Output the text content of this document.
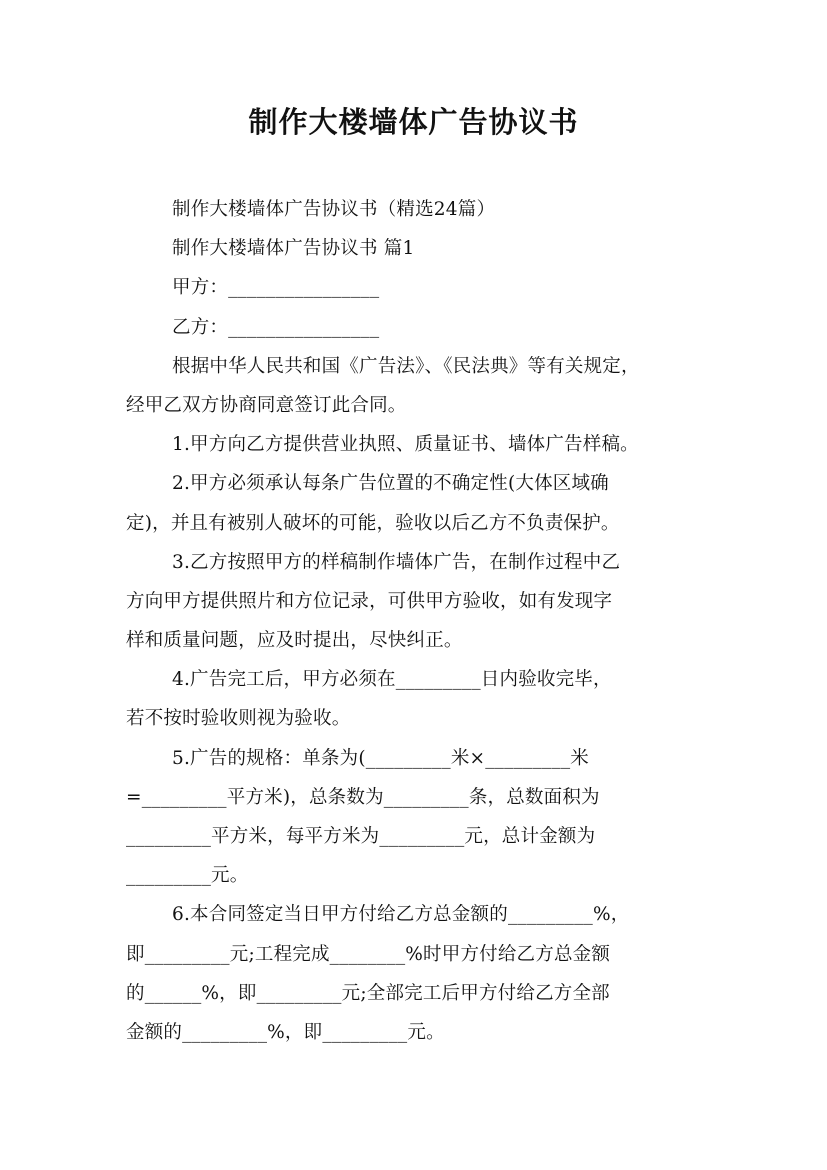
制作大楼墙体广告协议书
制作大楼墙体广告协议书（精选24篇）
制作大楼墙体广告协议书 篇1
甲方：________________
乙方：________________
根据中华人民共和国《广告法》、《民法典》等有关规定，
经甲乙双方协商同意签订此合同。
1.甲方向乙方提供营业执照、质量证书、墙体广告样稿。
2.甲方必须承认每条广告位置的不确定性(大体区域确
定)，并且有被别人破坏的可能，验收以后乙方不负责保护。
3.乙方按照甲方的样稿制作墙体广告，在制作过程中乙
方向甲方提供照片和方位记录，可供甲方验收，如有发现字
样和质量问题，应及时提出，尽快纠正。
4.广告完工后，甲方必须在_________日内验收完毕，
若不按时验收则视为验收。
5.广告的规格：单条为(_________米×_________米
=_________平方米)，总条数为_________条，总数面积为
_________平方米，每平方米为_________元，总计金额为
_________元。
6.本合同签定当日甲方付给乙方总金额的_________%，
即_________元;工程完成________%时甲方付给乙方总金额
的______%，即_________元;全部完工后甲方付给乙方全部
金额的_________%，即_________元。
